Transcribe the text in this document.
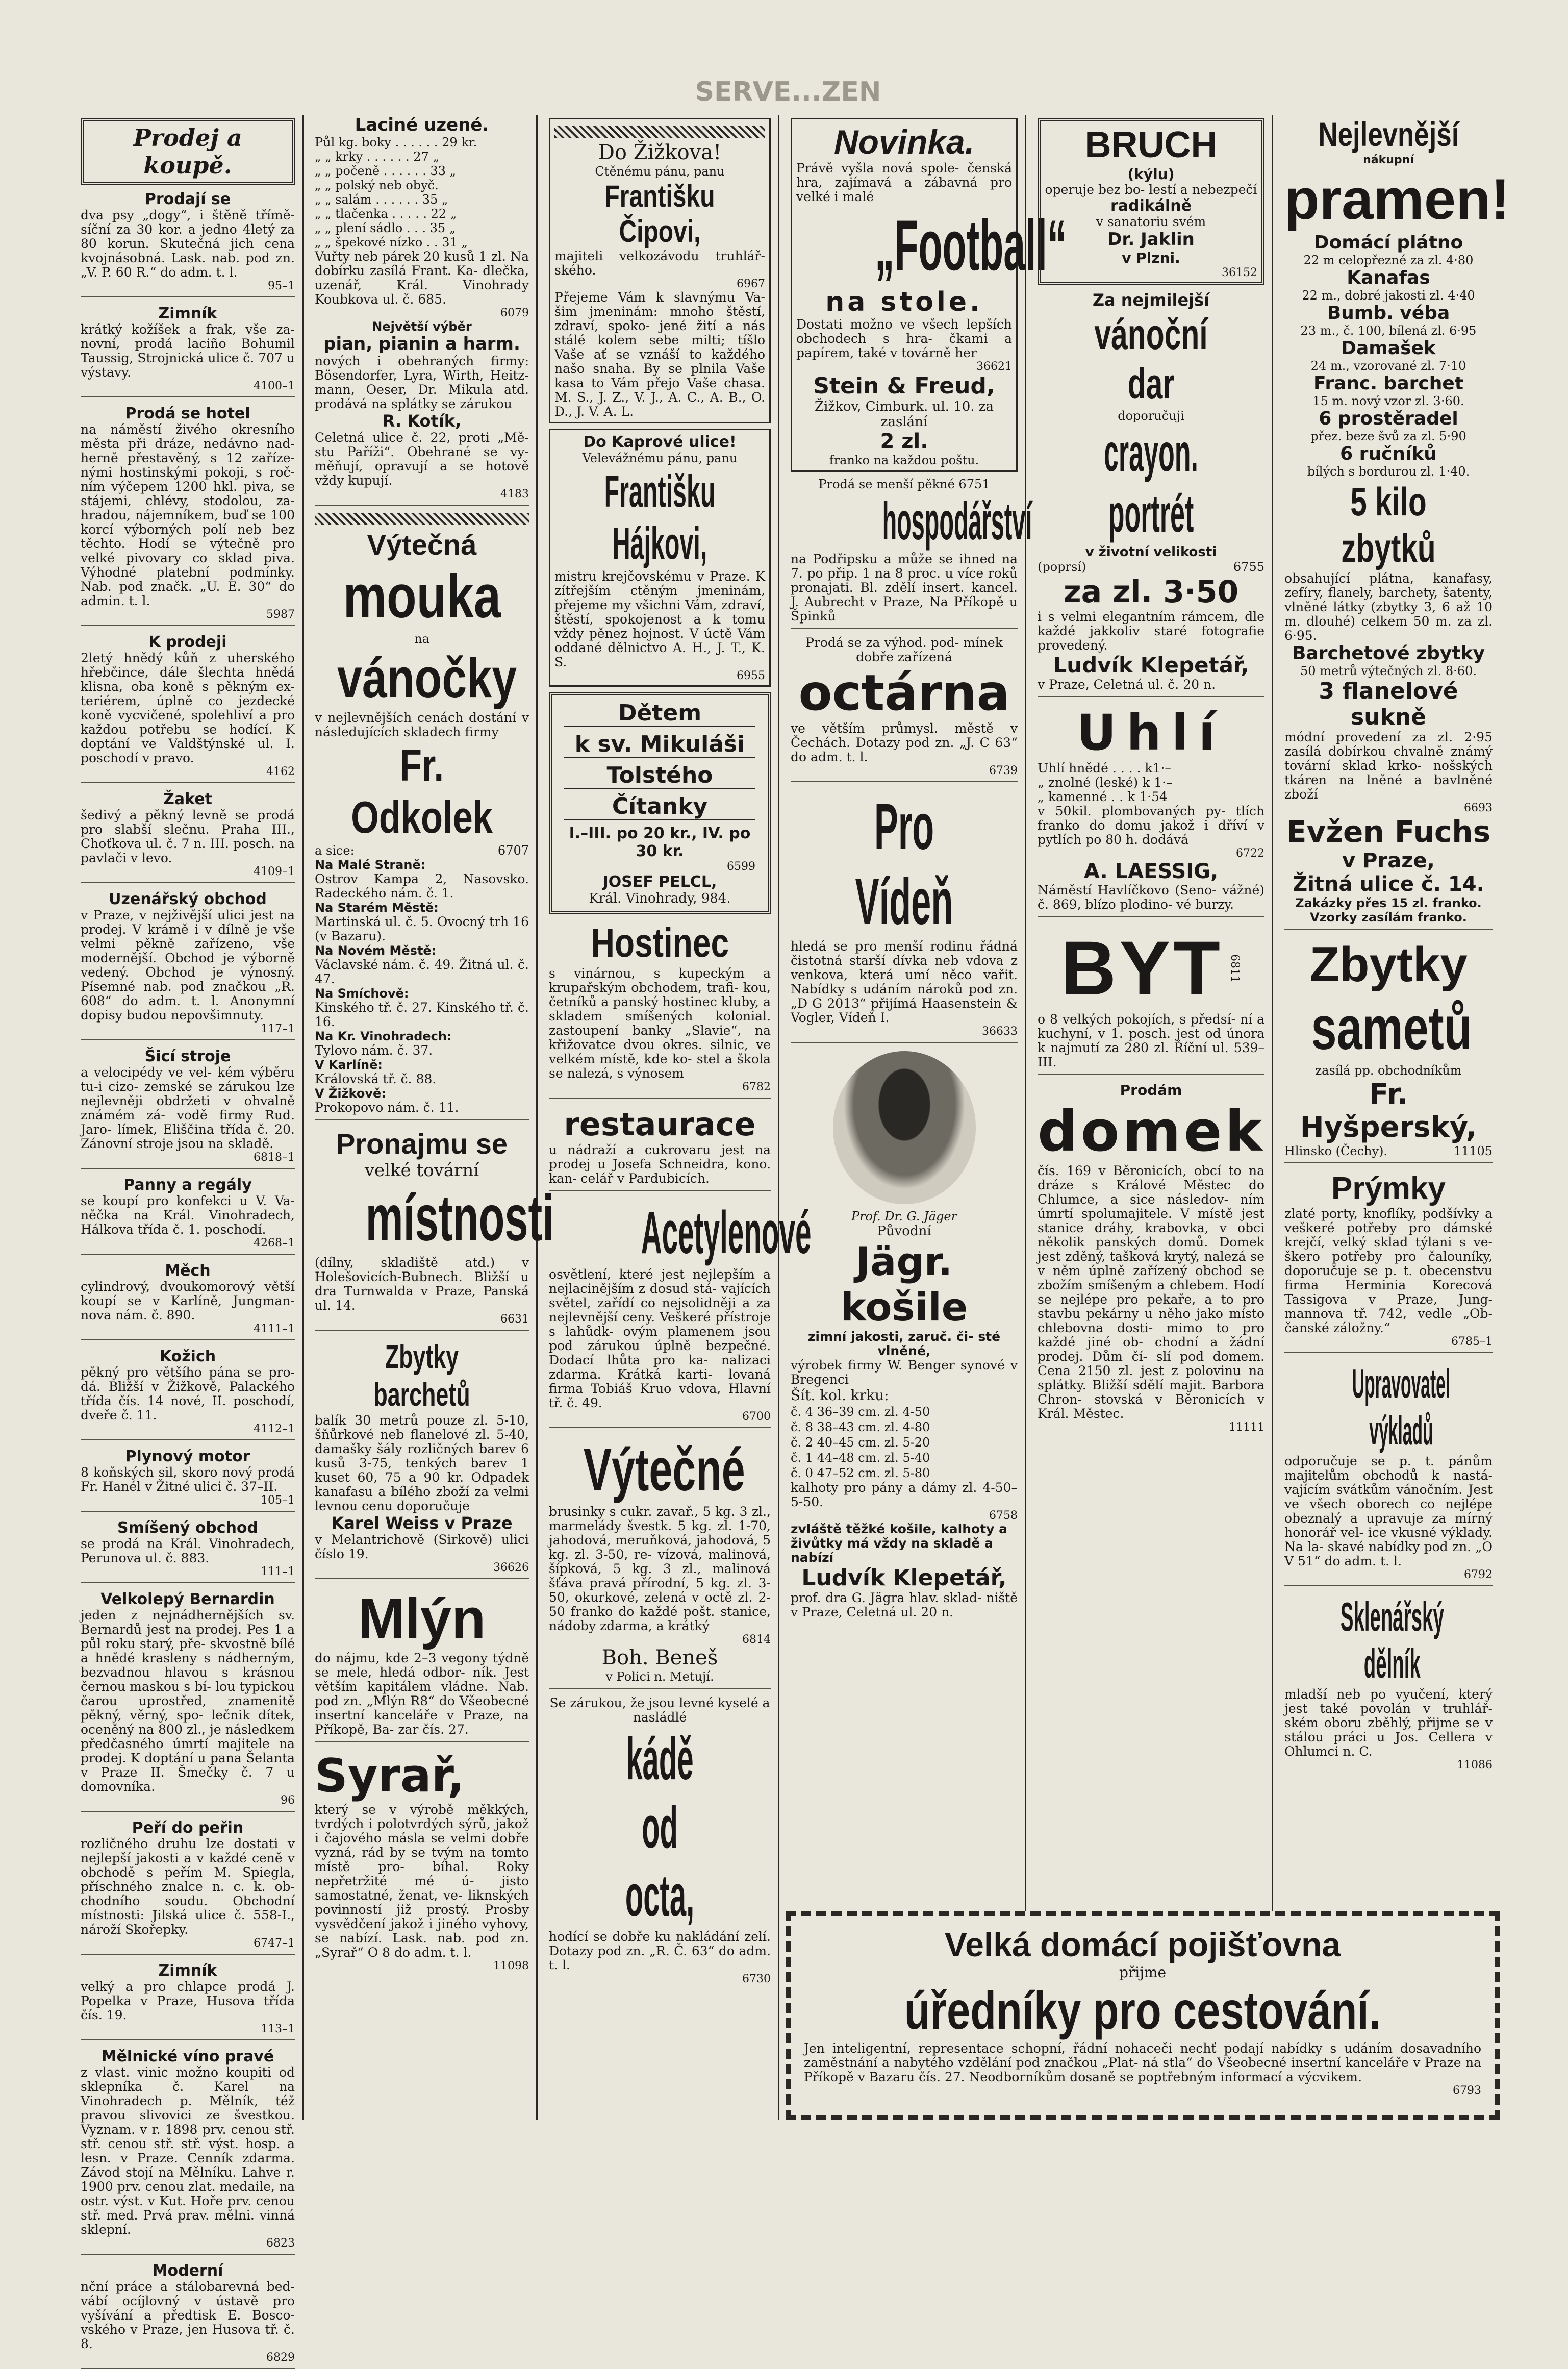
SERVE...ZEN
Prodej a koupě.
Prodají se
dva psy „dogy“, i štěně třímě- síční za 30 kor. a jedno 4letý za 80 korun. Skutečná jich cena kvojnásobná. Lask. nab. pod zn. „V. P. 60 R.“ do adm. t. l.
95–1
Zimník
krátký kožíšek a frak, vše za- novní, prodá laciño Bohumil Taussig, Strojnická ulice č. 707 u výstavy.
4100–1
Prodá se hotel
na náměstí živého okresního města při dráze, nedávno nad- herně přestavěný, s 12 zaříze- nými hostinskými pokoji, s roč- ním výčepem 1200 hkl. piva, se stájemi, chlévy, stodolou, za- hradou, nájemníkem, buď se 100 korcí výborných polí neb bez těchto. Hodí se výtečně pro velké pivovary co sklad piva. Výhodné platební podmínky. Nab. pod značk. „U. E. 30“ do admin. t. l.
5987
K prodeji
2letý hnědý kůň z uherského hřebčince, dále šlechta hnědá klisna, oba koně s pěkným ex- teriérem, úplně co jezdecké koně vycvičené, spolehliví a pro každou potřebu se hodící. K doptání ve Valdštýnské ul. I. poschodí v pravo.
4162
Žaket
šedivý a pěkný levně se prodá pro slabší slečnu. Praha III., Choťkova ul. č. 7 n. III. posch. na pavlači v levo.
4109–1
Uzenářský obchod
v Praze, v nejživější ulici jest na prodej. V krámě i v dílně je vše velmi pěkně zařízeno, vše modernější. Obchod je výborně vedený. Obchod je výnosný. Písemné nab. pod značkou „R. 608“ do adm. t. l. Anonymní dopisy budou nepovšimnuty.
117–1
Šicí stroje
a velocipédy ve vel- kém výběru tu-i cizo- zemské se zárukou lze nejlevněji obdržeti v ohvalně známém zá- vodě firmy Rud. Jaro- límek, Eliščina třída č. 20. Zánovní stroje jsou na skladě.
6818–1
Panny a regály
se koupí pro konfekci u V. Va- něčka na Král. Vinohradech, Hálkova třída č. 1. poschodí.
4268–1
Měch
cylindrový, dvoukomorový větší koupí se v Karlíně, Jungman- nova nám. č. 890.
4111–1
Kožich
pěkný pro většího pána se pro- dá. Bližší v Žižkově, Palackého třída čís. 14 nové, II. poschodí, dveře č. 11.
4112–1
Plynový motor
8 koňských sil, skoro nový prodá Fr. Hanél v Žitné ulici č. 37–II.
105–1
Smíšený obchod
se prodá na Král. Vinohradech, Perunova ul. č. 883.
111–1
Velkolepý Bernardin
jeden z nejnádhernějších sv. Bernardů jest na prodej. Pes 1 a půl roku starý, pře- skvostně bílé a hnědé krasleny s nádherným, bezvadnou hlavou s krásnou černou maskou s bí- lou typickou čarou uprostřed, znamenitě pěkný, věrný, spo- lečnik dítek, oceněný na 800 zl., je následkem předčasného úmrtí majitele na prodej. K doptání u pana Šelanta v Praze II. Šmečky č. 7 u domovníka.
96
Peří do peřin
rozličného druhu lze dostati v nejlepší jakosti a v každé ceně v obchodě s peřím M. Spiegla, příschného znalce n. c. k. ob- chodního soudu. Obchodní místnosti: Jilská ulice č. 558-I., nároží Skořepky.
6747–1
Zimník
velký a pro chlapce prodá J. Popelka v Praze, Husova třída čís. 19.
113–1
Mělnické víno pravé
z vlast. vinic možno koupiti od sklepníka č. Karel na Vinohradech p. Mělník, též pravou slivovici ze švestkou. Vyznam. v r. 1898 prv. cenou stř. stř. cenou stř. stř. výst. hosp. a lesn. v Praze. Cenník zdarma. Závod stojí na Mělníku. Lahve r. 1900 prv. cenou zlat. medaile, na ostr. výst. v Kut. Hoře prv. cenou stř. med. Prvá prav. mělni. vinná sklepní.
6823
Moderní
nční práce a stálobarevná bed- vábí ocíjlovný v ústavě pro vyšívání a předtisk E. Bosco- vského v Praze, jen Husova tř. č. 8.
6829
Laciné uzené.
Půl kg. boky . . . . . . 29 kr.
„ „ krky . . . . . . 27 „
„ „ počeně . . . . . . 33 „
„ „ polský neb obyč.
„ „ salám . . . . . . 35 „
„ „ tlačenka . . . . . 22 „
„ „ plení sádlo . . . 35 „
„ „ špekové nízko . . 31 „
Vuřty neb párek 20 kusů 1 zl. Na dobírku zasílá Frant. Ka- dlečka, uzenář, Král. Vinohrady Koubkova ul. č. 685.
6079
Největší výběr
pian, pianin a harm.
nových i obehraných firmy: Bösendorfer, Lyra, Wirth, Heitz- mann, Oeser, Dr. Mikula atd. prodává na splátky se zárukou
R. Kotík,
Celetná ulice č. 22, proti „Mě- stu Paříži“. Obehrané se vy- měňují, opravují a se hotově vždy kupují.
4183
Výtečná
mouka
na
vánočky
v nejlevnějších cenách dostání v následujících skladech firmy
Fr. Odkolek
a sice:	6707
Na Malé Straně:
Ostrov Kampa 2, Nasovsko. Radeckého nám. č. 1.
Na Starém Městě:
Martinská ul. č. 5. Ovocný trh 16 (v Bazaru).
Na Novém Městě:
Václavské nám. č. 49. Žitná ul. č. 47.
Na Smíchově:
Kinského tř. č. 27. Kinského tř. č. 16.
Na Kr. Vinohradech:
Tylovo nám. č. 37.
V Karlíně:
Královská tř. č. 88.
V Žižkově:
Prokopovo nám. č. 11.
Pronajmu se
velké tovární
místnosti
(dílny, skladiště atd.) v Holešovicích-Bubnech. Bližší u dra Turnwalda v Praze, Panská ul. 14.
6631
Zbytky barchetů
balík 30 metrů pouze zl. 5-10, šňůrkové neb flanelové zl. 5-40, damašky šály rozličných barev 6 kusů 3-75, tenkých barev 1 kuset 60, 75 a 90 kr. Odpadek kanafasu a bílého zboží za velmi levnou cenu doporučuje
Karel Weiss v Praze
v Melantrichově (Sirkově) ulici číslo 19.
36626
Mlýn
do nájmu, kde 2–3 vegony týdně se mele, hledá odbor- ník. Jest větším kapitálem vládne. Nab. pod zn. „Mlýn R8“ do Všeobecné insertní kanceláře v Praze, na Příkopě, Ba- zar čís. 27.
Syrař,
který se v výrobě měkkých, tvrdých i polotvrdých sýrů, jakož i čajového másla se velmi dobře vyzná, rád by se tvým na tomto místě pro- bíhal. Roky nepřetržité mé ú- jisto samostatné, ženat, ve- liknských povinností již prostý. Prosby vysvědčení jakož i jiného vyhovy, se nabízí. Lask. nab. pod zn. „Syrař“ O 8 do adm. t. l.
11098
Do Žižkova!
Ctěnému pánu, panu
Františku Čipovi,
majiteli velkozávodu truhlář- ského.
6967
Přejeme Vám k slavnýmu Va- šim jmeninám: mnoho štěstí, zdraví, spoko- jené žití a nás stálé kolem sebe milti; tíšlo Vaše ať se vznáší to každého našo snaha. By se plnila Vaše kasa to Vám přejo Vaše chasa. M. S., J. Z., V. J., A. C., A. B., O. D., J. V. A. L.
Do Kaprové ulice!
Velevážnému pánu, panu
Františku Hájkovi,
mistru krejčovskému v Praze. K zítřejším ctěným jmeninám, přejeme my všichni Vám, zdraví, štěstí, spokojenost a k tomu vždy pěnez hojnost. V úctě Vám oddané dělnictvo A. H., J. T., K. S.
6955
Dětem
k sv. Mikuláši
Tolstého
Čítanky
I.–III. po 20 kr., IV. po 30 kr.
6599
JOSEF PELCL,
Král. Vinohrady, 984.
Hostinec
s vinárnou, s kupeckým a krupařským obchodem, trafi- kou, četníků a panský hostinec kluby, a skladem smíšených kolonial. zastoupení banky „Slavie“, na křižovatce dvou okres. silnic, ve velkém místě, kde ko- stel a škola se nalezá, s výnosem
6782
restaurace
u nádraží a cukrovaru jest na prodej u Josefa Schneidra, kono. kan- celář v Pardubicích.
Acetylenové
osvětlení, které jest nejlepším a nejlacinějším z dosud stá- vajících světel, zařídí co nejsolidněji a za nejlevnější ceny. Veškeré přístroje s lahůdk- ovým plamenem jsou pod zárukou úplně bezpečné. Dodací lhůta pro ka- nalizaci zdarma. Krátká karti- lovaná firma Tobiáš Kruo vdova, Hlavní tř. č. 49.
6700
Výtečné
brusinky s cukr. zavař., 5 kg. 3 zl., marmelády švestk. 5 kg. zl. 1-70, jahodová, meruňková, jahodová, 5 kg. zl. 3-50, re- vízová, malinová, šípková, 5 kg. 3 zl., malinová šťáva pravá přírodní, 5 kg. zl. 3-50, okurkové, zelená v octě zl. 2-50 franko do každé pošt. stanice, nádoby zdarma, a krátký
6814
Boh. Beneš
v Polici n. Metují.
Se zárukou, že jsou levné kyselé a nasládlé
kádě od octa,
hodící se dobře ku nakládání zelí. Dotazy pod zn. „R. Č. 63“ do adm. t. l.
6730
Novinka.
Právě vyšla nová spole- čenská hra, zajímavá a zábavná pro velké i malé
„Football“
na stole.
Dostati možno ve všech lepších obchodech s hra- čkami a papírem, také v továrně her
36621
Stein & Freud,
Žižkov, Cimburk. ul. 10. za zaslání
2 zl.
franko na každou poštu.
Prodá se menší pěkné 6751
hospodářství
na Podřipsku a může se ihned na 7. po přip. 1 na 8 proc. u více roků pronajati. Bl. zdělí insert. kancel. J. Aubrecht v Praze, Na Příkopě u Špinků
Prodá se za výhod. pod- mínek dobře zařízená
octárna
ve větším průmysl. městě v Čechách. Dotazy pod zn. „J. C 63“ do adm. t. l.
6739
Pro Vídeň
hledá se pro menší rodinu řádná čistotná starší dívka neb vdova z venkova, která umí něco vařit. Nabídky s udáním nároků pod zn. „D G 2013“ přijímá Haasenstein & Vogler, Vídeň I.
36633
Prof. Dr. G. Jäger
Původní
Jägr. košile
zimní jakosti, zaruč. či- sté vlněné,
výrobek firmy W. Benger synové v Bregenci
Šít. kol. krku:
č. 4 36–39 cm. zl. 4-50
č. 8 38–43 cm. zl. 4-80
č. 2 40–45 cm. zl. 5-20
č. 1 44–48 cm. zl. 5-40
č. 0 47–52 cm. zl. 5-80
kalhoty pro pány a dámy zl. 4-50–5-50.
6758
zvláště těžké košile, kalhoty a živůtky má vždy na skladě a nabízí
Ludvík Klepetář,
prof. dra G. Jägra hlav. sklad- niště v Praze, Celetná ul. 20 n.
BRUCH
(kýlu)
operuje bez bo- lestí a nebezpečí
radikálně
v sanatoriu svém
Dr. Jaklin
v Plzni.
36152
Za nejmilejší
vánoční dar
doporučuji
crayon. portrét
v životní velikosti
(poprsí)	6755
za zl. 3·50
i s velmi elegantním rámcem, dle každé jakkoliv staré fotografie provedený.
Ludvík Klepetář,
v Praze, Celetná ul. č. 20 n.
Uhlí
Uhlí hnědé . . . . k1·–
„ znolné (leské) k 1·–
„ kamenné . . k 1·54
v 50kil. plombovaných py- tlích franko do domu jakož i dříví v pytlích po 80 h. dodává
6722
A. LAESSIG,
Náměstí Havlíčkovo (Seno- vážné) č. 869, blízo plodino- vé burzy.
BYT 6811
o 8 velkých pokojích, s předsí- ní a kuchyní, v 1. posch. jest od února k najmutí za 280 zl. Říční ul. 539–III.
Prodám
domek
čís. 169 v Běronicích, obcí to na dráze s Králové Městec do Chlumce, a sice následov- ním úmrtí spolumajitele. V místě jest stanice dráhy, krabovka, v obci několik panských domů. Domek jest zděný, tašková krytý, nalezá se v něm úplně zařízený obchod se zbožím smíšeným a chlebem. Hodí se nejlépe pro pekaře, a to pro stavbu pekárny u něho jako místo chlebovna dosti- mimo to pro každé jiné ob- chodní a žádní prodej. Dům čí- slí pod domem. Cena 2150 zl. jest z polovinu na splátky. Bližší sdělí majit. Barbora Chron- stovská v Běronicích v Král. Městec.
11111
Nejlevnější
nákupní
pramen!
Domácí plátno
22 m celopřezné za zl. 4·80
Kanafas
22 m., dobré jakosti zl. 4·40
Bumb. véba
23 m., č. 100, bílená zl. 6·95
Damašek
24 m., vzorované zl. 7·10
Franc. barchet
15 m. nový vzor zl. 3·60.
6 prostěradel
přez. beze švů za zl. 5·90
6 ručníků
bílých s bordurou zl. 1·40.
5 kilo zbytků
obsahující plátna, kanafasy, zefíry, flanely, barchety, šatenty, vlněné látky (zbytky 3, 6 až 10 m. dlouhé) celkem 50 m. za zl. 6·95.
Barchetové zbytky
50 metrů výtečných zl. 8·60.
3 flanelové sukně
módní provedení za zl. 2·95 zasílá dobírkou chvalně známý tovární sklad krko- nošských tkáren na lněné a bavlněné zboží
6693
Evžen Fuchs
v Praze,
Žitná ulice č. 14.
Zakázky přes 15 zl. franko.
Vzorky zasílám franko.
Zbytky
sametů
zasílá pp. obchodníkům
Fr. Hyšperský,
Hlinsko (Čechy).	11105
Prýmky
zlaté porty, knoflíky, podšívky a veškeré potřeby pro dámské krejčí, velký sklad týlani s ve- škero potřeby pro čalouníky, doporučuje se p. t. obecenstvu firma Herminia Korecová Tassigova v Praze, Jung- mannova tř. 742, vedle „Ob- čanské záložny.“
6785–1
Upravovatel výkladů
odporučuje se p. t. pánům majitelům obchodů k nastá- vajícím svátkům vánočním. Jest ve všech oborech co nejlépe obeznalý a upravuje za mírný honorář vel- ice vkusné výklady. Na la- skavé nabídky pod zn. „O V 51“ do adm. t. l.
6792
Sklenářský dělník
mladší neb po vyučení, který jest také povolán v truhlář- ském oboru zběhlý, přijme se v stálou práci u Jos. Cellera v Ohlumci n. C.
11086
Velká domácí pojišťovna
přijme
úředníky pro cestování.
Jen inteligentní, representace schopní, řádní nohaceči nechť podají nabídky s udáním dosavadního zaměstnání a nabytého vzdělání pod značkou „Plat- ná stla“ do Všeobecné insertní kanceláře v Praze na Příkopě v Bazaru čís. 27. Neodborníkům dosaně se poptřebným informací a výcvikem.
6793
